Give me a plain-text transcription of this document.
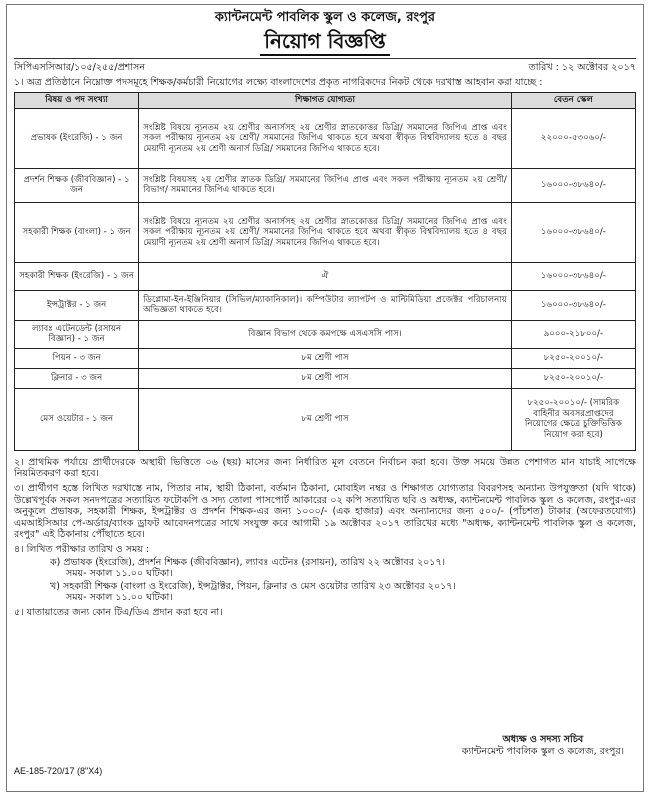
ক্যান্টনমেন্ট পাবলিক স্কুল ও কলেজ, রংপুর
নিয়োগ বিজ্ঞপ্তি
সিপিএসসিআর/১০৫/২৫৫/প্রশাসন	তারিখ : ১২ অক্টোবর ২০১৭
১। অত্র প্রতিষ্ঠানে নিম্নোক্ত পদসমূহে শিক্ষক/কর্মচারী নিয়োগের লক্ষ্যে বাংলাদেশের প্রকৃত নাগরিকদের নিকট থেকে দরখাস্ত আহবান করা যাচ্ছে :
বিষয় ও পদ সংখ্যা	শিক্ষাগত যোগ্যতা	বেতন স্কেল
প্রভাষক (ইংরেজি) - ১ জন	সংশ্লিষ্ট বিষয়ে ন্যূনতম ২য় শ্রেণীর অনার্সসহ ২য় শ্রেণীর স্নাতকোত্তর ডিগ্রি/ সমমানের জিপিএ প্রাপ্ত এবং সকল পরীক্ষায় ন্যূনতম ২য় শ্রেণী/ সমমানের জিপিএ থাকতে হবে অথবা স্বীকৃত বিশ্ববিদ্যালয় হতে ৪ বছর মেয়াদী ন্যূনতম ২য় শ্রেণী অনার্স ডিগ্রি/ সমমানের জিপিএ থাকতে হবে।	২২০০০-৫৩০৬০/-
প্রদর্শন শিক্ষক (জীববিজ্ঞান) - ১ জন	সংশ্লিষ্ট বিষয়সহ ২য় শ্রেণীর স্নাতক ডিগ্রি/ সমমানের জিপিএ প্রাপ্ত এবং সকল পরীক্ষায় ন্যূনতম ২য় শ্রেণী/ বিভাগ/ সমমানের জিপিএ থাকতে হবে।	১৬০০০-৩৮৬৪০/-
সহকারী শিক্ষক (বাংলা) - ১ জন	সংশ্লিষ্ট বিষয়ে ন্যূনতম ২য় শ্রেণীর অনার্সসহ ২য় শ্রেণীর স্নাতকোত্তর ডিগ্রি/ সমমানের জিপিএ প্রাপ্ত এবং সকল পরীক্ষায় ন্যূনতম ২য় শ্রেণী/ সমমানের জিপিএ থাকতে হবে অথবা স্বীকৃত বিশ্ববিদ্যালয় হতে ৪ বছর মেয়াদী ন্যূনতম ২য় শ্রেণী অনার্স ডিগ্রি/ সমমানের জিপিএ থাকতে হবে।	১৬০০০-৩৮৬৪০/-
সহকারী শিক্ষক (ইংরেজি) - ১ জন	ঐ	১৬০০০-৩৮৬৪০/-
ইন্সট্রাক্টর - ১ জন	ডিপ্লোমা-ইন-ইঞ্জিনিয়ার (সিভিল/ম্যাকানিকাল)। কম্পিউটার ল্যাপটপ ও মাল্টিমিডিয়া প্রজেক্টর পরিচালনায় অভিজ্ঞতা থাকতে হবে।	১৬০০০-৩৮৬৪০/-
ল্যাবঃ এটেনডেন্ট (রসায়ন বিজ্ঞান) - ১ জন	বিজ্ঞান বিভাগ থেকে কমপক্ষে এসএসসি পাস।	৯০০০-২১৮০০/-
পিয়ন - ৩ জন	৮ম শ্রেণী পাস	৮২৫০-২০০১০/-
ক্লিনার - ৩ জন	৮ম শ্রেণী পাস	৮২৫০-২০০১০/-
মেস ওয়েটার - ১ জন	৮ম শ্রেণী পাস	৮২৫০-২০০১০/- (সামরিক বাহিনীর অবসরপ্রাপ্তদের নিয়োগের ক্ষেত্রে চুক্তিভিত্তিক নিয়োগ করা হবে)
২। প্রাথমিক পর্যায়ে প্রার্থীদেরকে অস্থায়ী ভিত্তিতে ০৬ (ছয়) মাসের জন্য নির্ধারিত মূল বেতনে নির্বাচন করা হবে। উক্ত সময়ে উন্নত পেশাগত মান যাচাই সাপেক্ষে নিয়মিতকরণ করা হবে।
৩। প্রার্থীগণ হস্তে লিখিত দরখাস্তে নাম, পিতার নাম, স্থায়ী ঠিকানা, বর্তমান ঠিকানা, মোবাইল নম্বর ও শিক্ষাগত যোগ্যতার বিবরণসহ অন্যান্য উপযুক্ততা (যদি থাকে) উল্লেখপূর্বক সকল সনদপত্রের সত্যায়িত ফটোকপি ও সদ্য তোলা পাসপোর্ট আকারের ০২ কপি সত্যায়িত ছবি ও অধ্যক্ষ, ক্যান্টনমেন্ট পাবলিক স্কুল ও কলেজ, রংপুর-এর অনুকূলে প্রভাষক, সহকারী শিক্ষক, ইন্সট্রাক্টর ও প্রদর্শন শিক্ষক-এর জন্য ১০০০/- (এক হাজার) এবং অন্যান্যদের জন্য ৫০০/- (পাঁচশত) টাকার (অফেরতযোগ্য) এমআইসিআর পে-অর্ডার/ব্যাংক ড্রাফট আবেদনপত্রের সাথে সংযুক্ত করে আগামী ১৯ অক্টোবর ২০১৭ তারিখের মধ্যে "অধ্যক্ষ, ক্যান্টনমেন্ট পাবলিক স্কুল ও কলেজ, রংপুর" এই ঠিকানায় পৌঁছাতে হবে।
৪। লিখিত পরীক্ষার তারিখ ও সময় :
ক) প্রভাষক (ইংরেজি), প্রদর্শন শিক্ষক (জীববিজ্ঞান), ল্যাবঃ এটেনঃ (রসায়ন), তারিখ ২২ অক্টোবর ২০১৭।
সময়- সকাল ১১.০০ ঘটিকা।
খ) সহকারী শিক্ষক (বাংলা ও ইংরেজি), ইন্সট্রাক্টর, পিয়ন, ক্লিনার ও মেস ওয়েটার তারিখ ২৩ অক্টোবর ২০১৭।
সময়- সকাল ১১.০০ ঘটিকা।
৫। যাতায়াতের জন্য কোন টিএ/ডিএ প্রদান করা হবে না।
অধ্যক্ষ ও সদস্য সচিব
ক্যান্টনমেন্ট পাবলিক স্কুল ও কলেজ, রংপুর।
AE-185-720/17 (8"X4)
